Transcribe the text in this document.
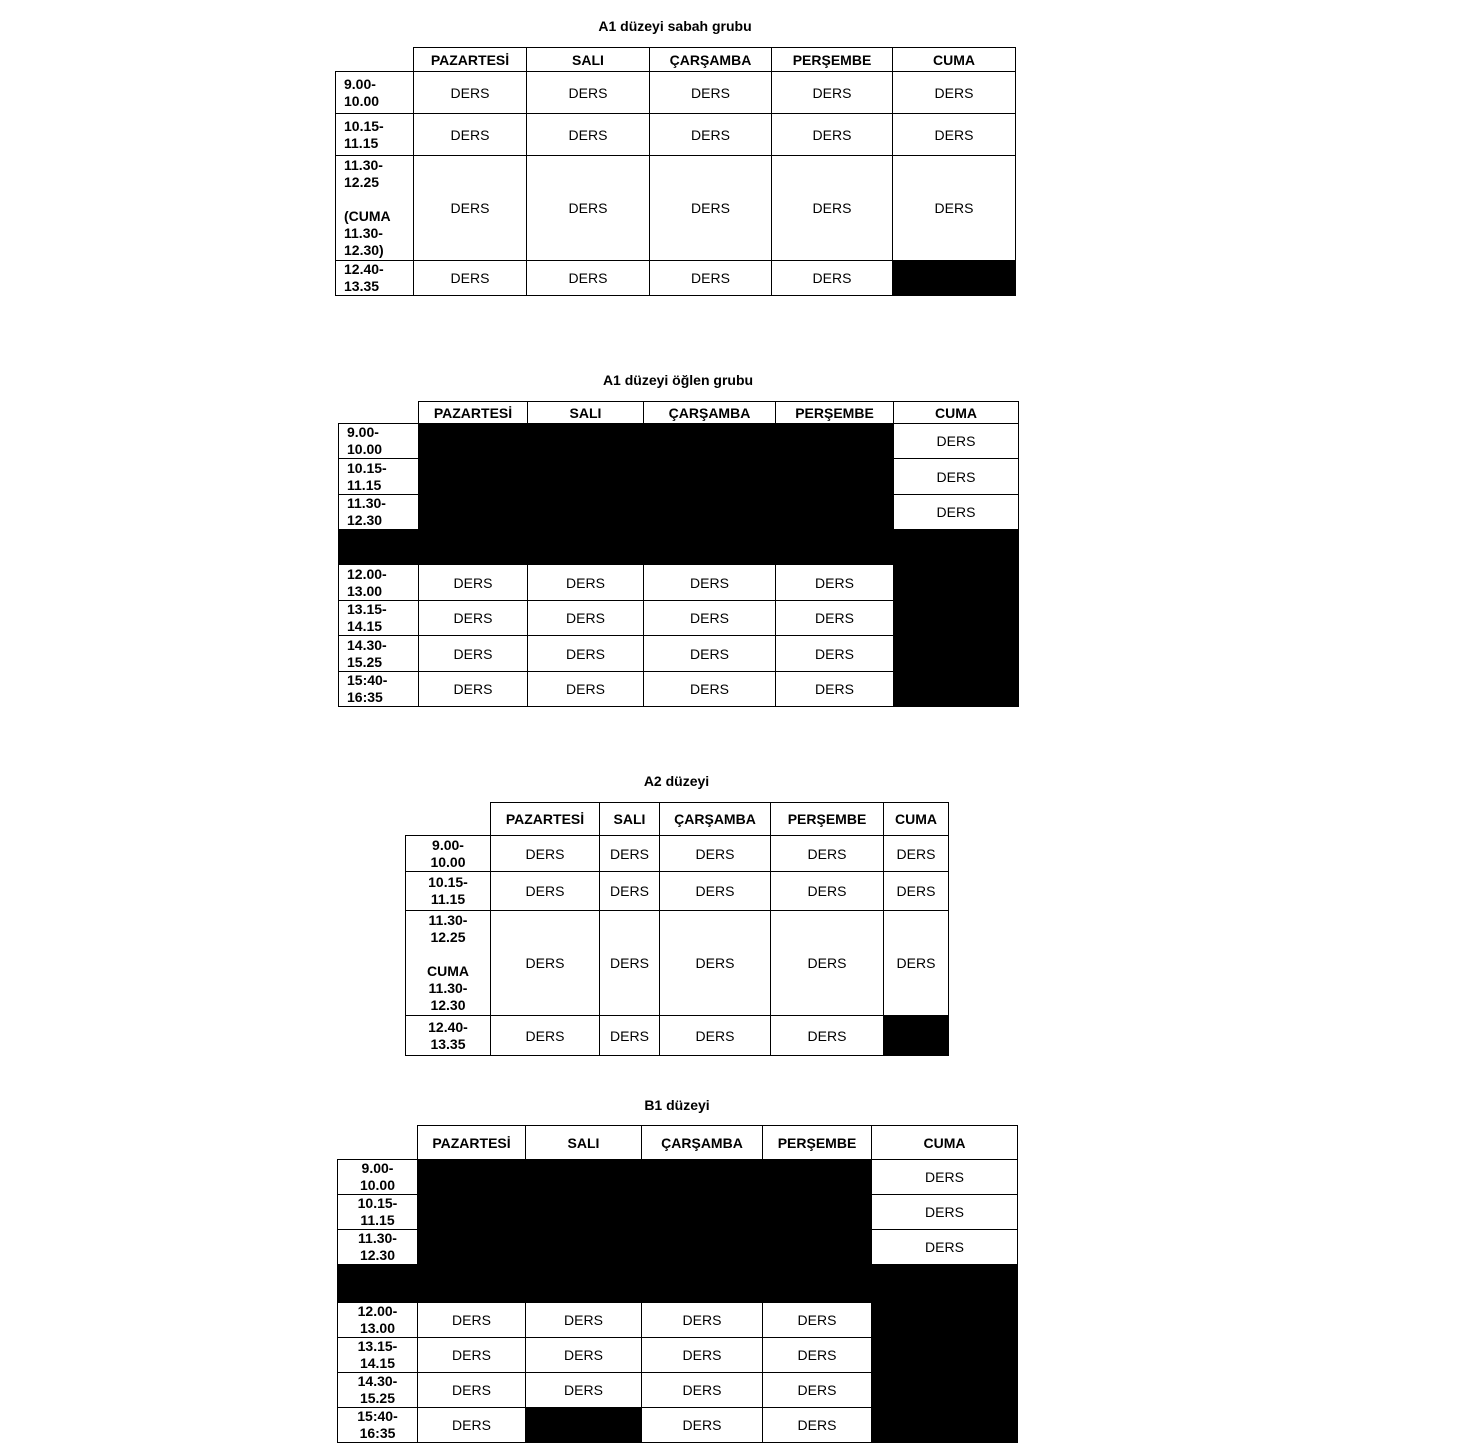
A1 düzeyi sabah grubu
	PAZARTESİ	SALI	ÇARŞAMBA	PERŞEMBE	CUMA
9.00-
10.00	DERS	DERS	DERS	DERS	DERS
10.15-
11.15	DERS	DERS	DERS	DERS	DERS
11.30-
12.25

(CUMA
11.30-
12.30)	DERS	DERS	DERS	DERS	DERS
12.40-
13.35	DERS	DERS	DERS	DERS	
A1 düzeyi öğlen grubu
	PAZARTESİ	SALI	ÇARŞAMBA	PERŞEMBE	CUMA
9.00-
10.00					DERS
10.15-
11.15					DERS
11.30-
12.30					DERS

12.00-
13.00	DERS	DERS	DERS	DERS	
13.15-
14.15	DERS	DERS	DERS	DERS	
14.30-
15.25	DERS	DERS	DERS	DERS	
15:40-
16:35	DERS	DERS	DERS	DERS	
A2 düzeyi
	PAZARTESİ	SALI	ÇARŞAMBA	PERŞEMBE	CUMA
9.00-
10.00	DERS	DERS	DERS	DERS	DERS
10.15-
11.15	DERS	DERS	DERS	DERS	DERS
11.30-
12.25

CUMA
11.30-
12.30	DERS	DERS	DERS	DERS	DERS
12.40-
13.35	DERS	DERS	DERS	DERS	
B1 düzeyi
	PAZARTESİ	SALI	ÇARŞAMBA	PERŞEMBE	CUMA
9.00-
10.00					DERS
10.15-
11.15					DERS
11.30-
12.30					DERS

12.00-
13.00	DERS	DERS	DERS	DERS	
13.15-
14.15	DERS	DERS	DERS	DERS	
14.30-
15.25	DERS	DERS	DERS	DERS	
15:40-
16:35	DERS		DERS	DERS	
